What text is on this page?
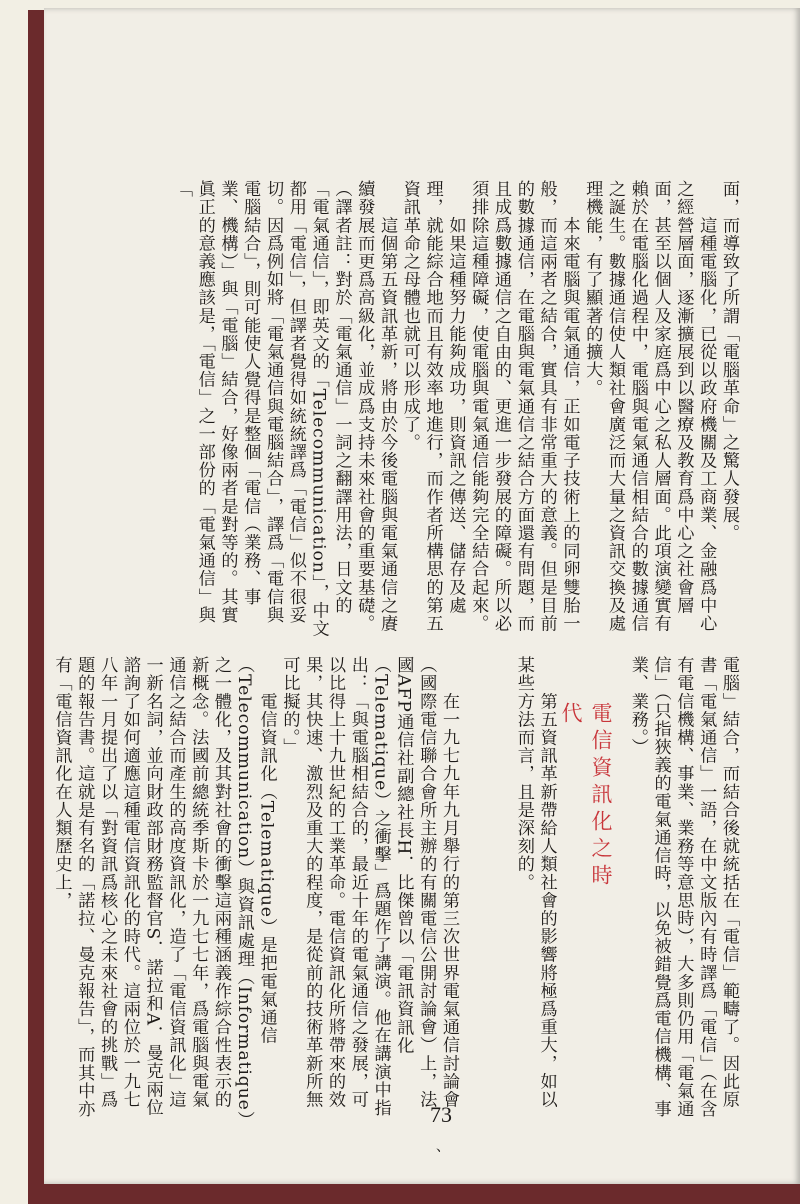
面，而導致了所謂「電腦革命」之驚人發展。
　　這種電腦化，已從以政府機關及工商業、金融爲中心之經營層面，逐漸擴展到以醫療及教育爲中心之社會層面，甚至以個人及家庭爲中心之私人層面。此項演變實有賴於在電腦化過程中，電腦與電氣通信相結合的數據通信之誕生。數據通信使人類社會廣泛而大量之資訊交換及處理機能，有了顯著的擴大。
　　本來電腦與電氣通信，正如電子技術上的同卵雙胎一般，而這兩者之結合，實具有非常重大的意義。但是目前的數據通信，在電腦與電氣通信之結合方面還有問題，而且成爲數據通信之自由的、更進一步發展的障礙。所以必須排除這種障礙，使電腦與電氣通信能夠完全結合起來。
　　如果這種努力能夠成功，則資訊之傳送、儲存及處理，就能綜合地而且有效率地進行，而作者所構思的第五資訊革命之母體也就可以形成了。
　　這個第五資訊革新，將由於今後電腦與電氣通信之賡續發展而更爲高級化，並成爲支持未來社會的重要基礎。
（譯者註：對於「電氣通信」一詞之翻譯用法，日文的「電氣通信」，即英文的「Telecommunication」，中文都用「電信」，但譯者覺得如統統譯爲「電信」似不很妥切。因爲例如將「電氣通信與電腦結合」，譯爲「電信與電腦結合」，則可能使人覺得是整個「電信（業務、事業、機構）」與「電腦」結合，好像兩者是對等的。其實眞正的意義應該是，「電信」之一部份的「電氣通信」與「
電腦」結合，而結合後就統括在「電信」範疇了。因此原書「電氣通信」一語，在中文版內有時譯爲「電信」（在含有電信機構、事業、業務等意思時），大多則仍用「電氣通信」（只指狹義的電氣通信時，以免被錯覺爲電信機構、事業、業務。）

　　第五資訊革新帶給人類社會的影響將極爲重大，如以某些方法而言，且是深刻的。
　　在一九七九年九月舉行的第三次世界電氣通信討論會（國際電信聯合會所主辦的有關電信公開討論會）上，法國AFP通信社副總社長H．比傑曾以「電訊資訊化（Telematique）之衝擊」爲題作了講演。他在講演中指出：「與電腦相結合的，最近十年的電氣通信之發展，可以比得上十九世紀的工業革命。電信資訊化所將帶來的效果，其快速、激烈及重大的程度，是從前的技術革新所無可比擬的。」
　　電信資訊化（Telematique）是把電氣通信（Telecommunication）與資訊處理（Informatique）之一體化，及其對社會的衝擊這兩種涵義作綜合性表示的新概念。法國前總統季斯卡於一九七七年，爲電腦與電氣通信之結合而產生的高度資訊化，造了「電信資訊化」這一新名詞，並向財政部財務監督官S．諾拉和A．曼克兩位諮詢了如何適應這種電信資訊化的時代。這兩位於一九七八年一月提出了以「對資訊爲核心之未來社會的挑戰」爲題的報告書。這就是有名的「諾拉、曼克報告」，而其中亦有「電信資訊化在人類歷史上，	電信資訊化之時代
73
、
